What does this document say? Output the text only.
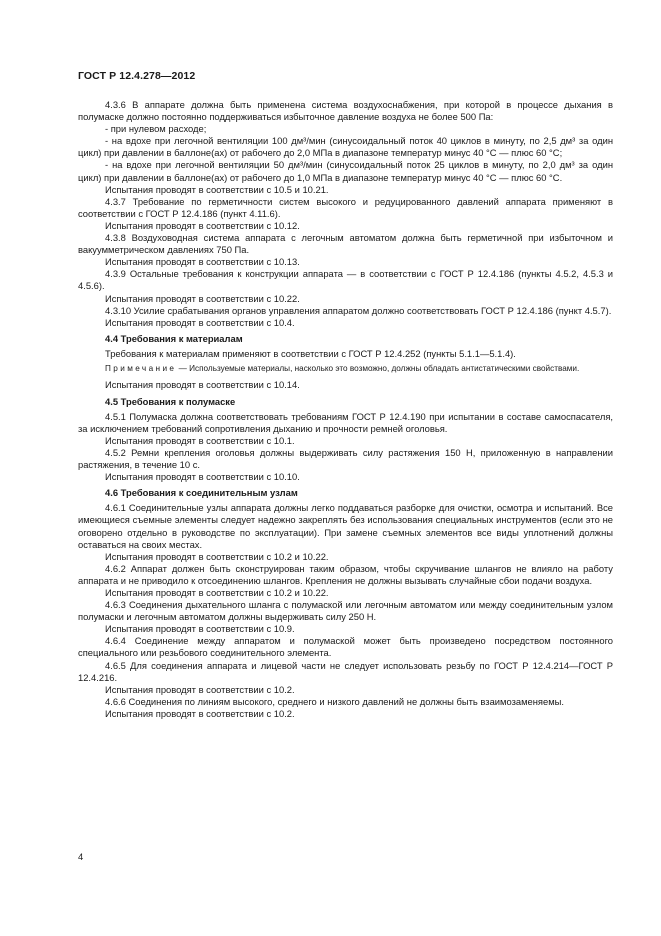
ГОСТ Р 12.4.278—2012

4.3.6 В аппарате должна быть применена система воздухоснабжения, при которой в процессе дыхания в полумаске должно постоянно поддерживаться избыточное давление воздуха не более 500 Па:

- при нулевом расходе;

- на вдохе при легочной вентиляции 100 дм³/мин (синусоидальный поток 40 циклов в минуту, по 2,5 дм³ за один цикл) при давлении в баллоне(ах) от рабочего до 2,0 МПа в диапазоне температур минус 40 °С — плюс 60 °С;

- на вдохе при легочной вентиляции 50 дм³/мин (синусоидальный поток 25 циклов в минуту, по 2,0 дм³ за один цикл) при давлении в баллоне(ах) от рабочего до 1,0 МПа в диапазоне температур минус 40 °С — плюс 60 °С.

Испытания проводят в соответствии с 10.5 и 10.21.

4.3.7 Требование по герметичности систем высокого и редуцированного давлений аппарата применяют в соответствии с ГОСТ Р 12.4.186 (пункт 4.11.6).

Испытания проводят в соответствии с 10.12.

4.3.8 Воздуховодная система аппарата с легочным автоматом должна быть герметичной при избыточном и вакуумметрическом давлениях 750 Па.

Испытания проводят в соответствии с 10.13.

4.3.9 Остальные требования к конструкции аппарата — в соответствии с ГОСТ Р 12.4.186 (пункты 4.5.2, 4.5.3 и 4.5.6).

Испытания проводят в соответствии с 10.22.

4.3.10 Усилие срабатывания органов управления аппаратом должно соответствовать ГОСТ Р 12.4.186 (пункт 4.5.7).

Испытания проводят в соответствии с 10.4.

4.4 Требования к материалам

Требования к материалам применяют в соответствии с ГОСТ Р 12.4.252 (пункты 5.1.1—5.1.4).

Примечание — Используемые материалы, насколько это возможно, должны обладать антистатическими свойствами.

Испытания проводят в соответствии с 10.14.

4.5 Требования к полумаске

4.5.1 Полумаска должна соответствовать требованиям ГОСТ Р 12.4.190 при испытании в составе самоспасателя, за исключением требований сопротивления дыханию и прочности ремней оголовья.

Испытания проводят в соответствии с 10.1.

4.5.2 Ремни крепления оголовья должны выдерживать силу растяжения 150 Н, приложенную в направлении растяжения, в течение 10 с.

Испытания проводят в соответствии с 10.10.

4.6 Требования к соединительным узлам

4.6.1 Соединительные узлы аппарата должны легко поддаваться разборке для очистки, осмотра и испытаний. Все имеющиеся съемные элементы следует надежно закреплять без использования специальных инструментов (если это не оговорено отдельно в руководстве по эксплуатации). При замене съемных элементов все виды уплотнений должны оставаться на своих местах.

Испытания проводят в соответствии с 10.2 и 10.22.

4.6.2 Аппарат должен быть сконструирован таким образом, чтобы скручивание шлангов не влияло на работу аппарата и не приводило к отсоединению шлангов. Крепления не должны вызывать случайные сбои подачи воздуха.

Испытания проводят в соответствии с 10.2 и 10.22.

4.6.3 Соединения дыхательного шланга с полумаской или легочным автоматом или между соединительным узлом полумаски и легочным автоматом должны выдерживать силу 250 Н.

Испытания проводят в соответствии с 10.9.

4.6.4 Соединение между аппаратом и полумаской может быть произведено посредством постоянного специального или резьбового соединительного элемента.

4.6.5 Для соединения аппарата и лицевой части не следует использовать резьбу по ГОСТ Р 12.4.214—ГОСТ Р 12.4.216.

Испытания проводят в соответствии с 10.2.

4.6.6 Соединения по линиям высокого, среднего и низкого давлений не должны быть взаимозаменяемы.

Испытания проводят в соответствии с 10.2.

4
